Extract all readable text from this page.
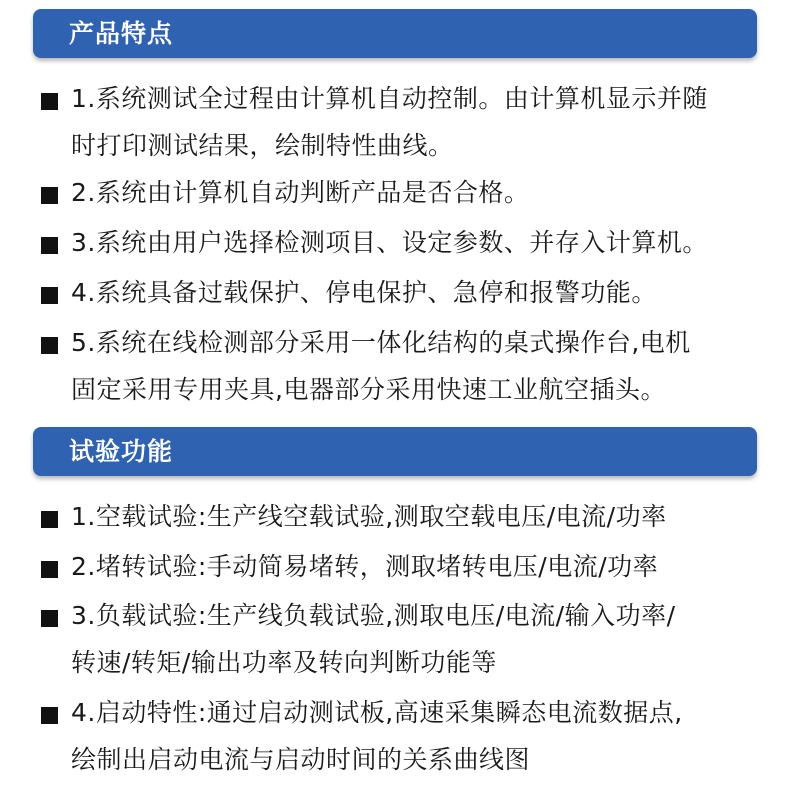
产品特点
1.系统测试全过程由计算机自动控制。由计算机显示并随
时打印测试结果，绘制特性曲线。
2.系统由计算机自动判断产品是否合格。
3.系统由用户选择检测项目、设定参数、并存入计算机。
4.系统具备过载保护、停电保护、急停和报警功能。
5.系统在线检测部分采用一体化结构的桌式操作台,电机
固定采用专用夹具,电器部分采用快速工业航空插头。
试验功能
1.空载试验:生产线空载试验,测取空载电压/电流/功率
2.堵转试验:手动简易堵转，测取堵转电压/电流/功率
3.负载试验:生产线负载试验,测取电压/电流/输入功率/
转速/转矩/输出功率及转向判断功能等
4.启动特性:通过启动测试板,高速采集瞬态电流数据点,
绘制出启动电流与启动时间的关系曲线图
